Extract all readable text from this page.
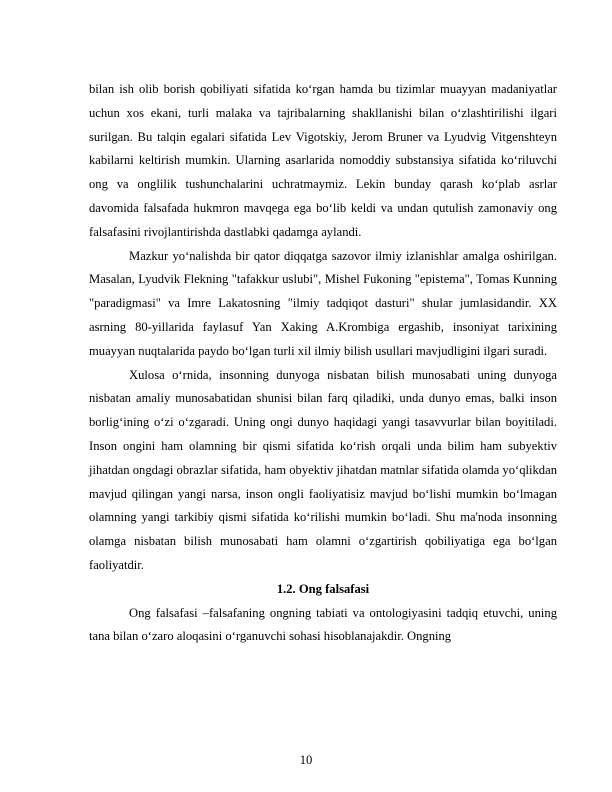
bilan ish olib borish qobiliyati sifatida ko‘rgan hamda bu tizimlar muayyan madaniyatlar uchun xos ekani, turli malaka va tajribalarning shakllanishi bilan o‘zlashtirilishi ilgari surilgan. Bu talqin egalari sifatida Lev Vigotskiy, Jerom Bruner va Lyudvig Vitgenshteyn kabilarni keltirish mumkin. Ularning asarlarida nomoddiy substansiya sifatida ko‘riluvchi ong va onglilik tushunchalarini uchratmaymiz. Lekin bunday qarash ko‘plab asrlar davomida falsafada hukmron mavqega ega bo‘lib keldi va undan qutulish zamonaviy ong falsafasini rivojlantirishda dastlabki qadamga aylandi.

Mazkur yo‘nalishda bir qator diqqatga sazovor ilmiy izlanishlar amalga oshirilgan. Masalan, Lyudvik Flekning "tafakkur uslubi", Mishel Fukoning "epistema", Tomas Kunning "paradigmasi" va Imre Lakatosning "ilmiy tadqiqot dasturi" shular jumlasidandir. XX asrning 80-yillarida faylasuf Yan Xaking A.Krombiga ergashib, insoniyat tarixining muayyan nuqtalarida paydo bo‘lgan turli xil ilmiy bilish usullari mavjudligini ilgari suradi.

Xulosa o‘rnida, insonning dunyoga nisbatan bilish munosabati uning dunyoga nisbatan amaliy munosabatidan shunisi bilan farq qiladiki, unda dunyo emas, balki inson borlig‘ining o‘zi o‘zgaradi. Uning ongi dunyo haqidagi yangi tasavvurlar bilan boyitiladi. Inson ongini ham olamning bir qismi sifatida ko‘rish orqali unda bilim ham subyektiv jihatdan ongdagi obrazlar sifatida, ham obyektiv jihatdan matnlar sifatida olamda yo‘qlikdan mavjud qilingan yangi narsa, inson ongli faoliyatisiz mavjud bo‘lishi mumkin bo‘lmagan olamning yangi tarkibiy qismi sifatida ko‘rilishi mumkin bo‘ladi. Shu ma'noda insonning olamga nisbatan bilish munosabati ham olamni o‘zgartirish qobiliyatiga ega bo‘lgan faoliyatdir.

1.2. Ong falsafasi

Ong falsafasi –falsafaning ongning tabiati va ontologiyasini tadqiq etuvchi, uning tana bilan o‘zaro aloqasini o‘rganuvchi sohasi hisoblanajakdir. Ongning

10
